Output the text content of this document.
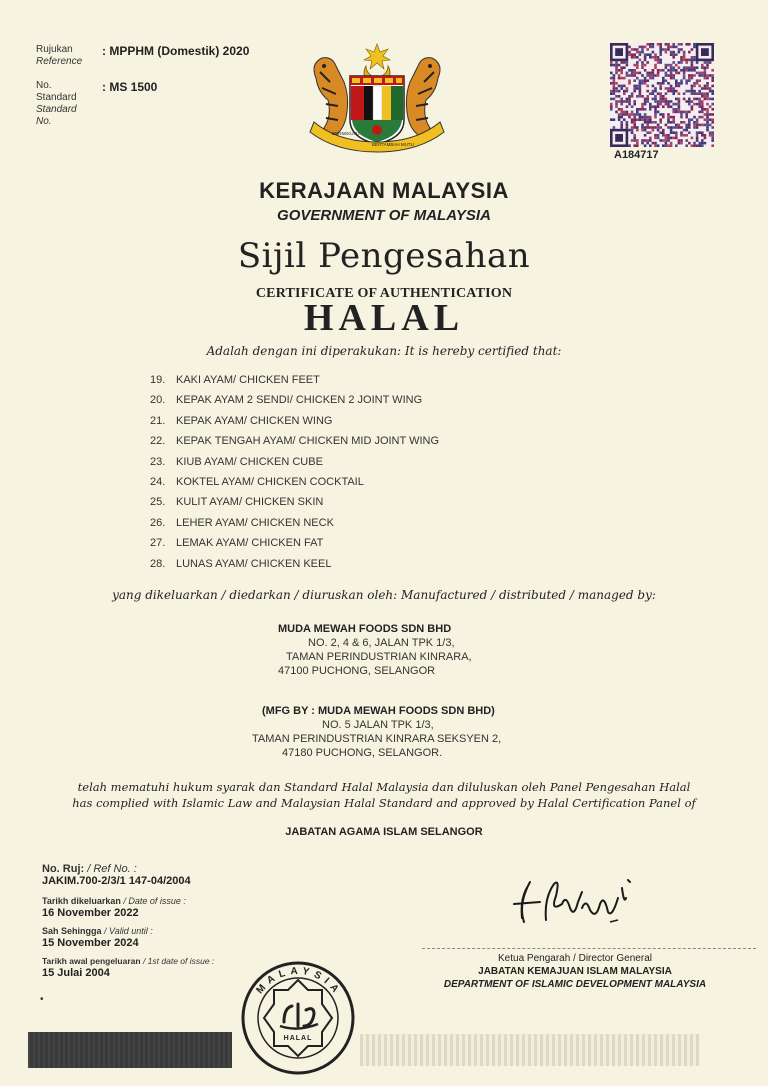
Rujukan
Reference
: MPPHM (Domestik) 2020
No.
Standard
Standard
No.
: MS 1500
BERSEKUTU
BERTAMBAH MUTU
A184717
KERAJAAN MALAYSIA
GOVERNMENT OF MALAYSIA
Sijil Pengesahan
CERTIFICATE OF AUTHENTICATION
HALAL
Adalah dengan ini diperakukan: It is hereby certified that:
19. KAKI AYAM/ CHICKEN FEET
20. KEPAK AYAM 2 SENDI/ CHICKEN 2 JOINT WING
21. KEPAK AYAM/ CHICKEN WING
22. KEPAK TENGAH AYAM/ CHICKEN MID JOINT WING
23. KIUB AYAM/ CHICKEN CUBE
24. KOKTEL AYAM/ CHICKEN COCKTAIL
25. KULIT AYAM/ CHICKEN SKIN
26. LEHER AYAM/ CHICKEN NECK
27. LEMAK AYAM/ CHICKEN FAT
28. LUNAS AYAM/ CHICKEN KEEL
yang dikeluarkan / diedarkan / diuruskan oleh: Manufactured / distributed / managed by:
MUDA MEWAH FOODS SDN BHD
NO. 2, 4 & 6, JALAN TPK 1/3,
TAMAN PERINDUSTRIAN KINRARA,
47100 PUCHONG, SELANGOR
(MFG BY : MUDA MEWAH FOODS SDN BHD)
NO. 5 JALAN TPK 1/3,
TAMAN PERINDUSTRIAN KINRARA SEKSYEN 2,
47180 PUCHONG, SELANGOR.
telah mematuhi hukum syarak dan Standard Halal Malaysia dan diluluskan oleh Panel Pengesahan Halal
has complied with Islamic Law and Malaysian Halal Standard and approved by Halal Certification Panel of
JABATAN AGAMA ISLAM SELANGOR
No. Ruj: / Ref No. :
JAKIM.700-2/3/1 147-04/2004
Tarikh dikeluarkan / Date of issue :
16 November 2022
Sah Sehingga / Valid until :
15 November 2024
Tarikh awal pengeluaran / 1st date of issue :
15 Julai 2004
Ketua Pengarah / Director General
JABATAN KEMAJUAN ISLAM MALAYSIA
DEPARTMENT OF ISLAMIC DEVELOPMENT MALAYSIA
MALAYSIA
HALAL
•
